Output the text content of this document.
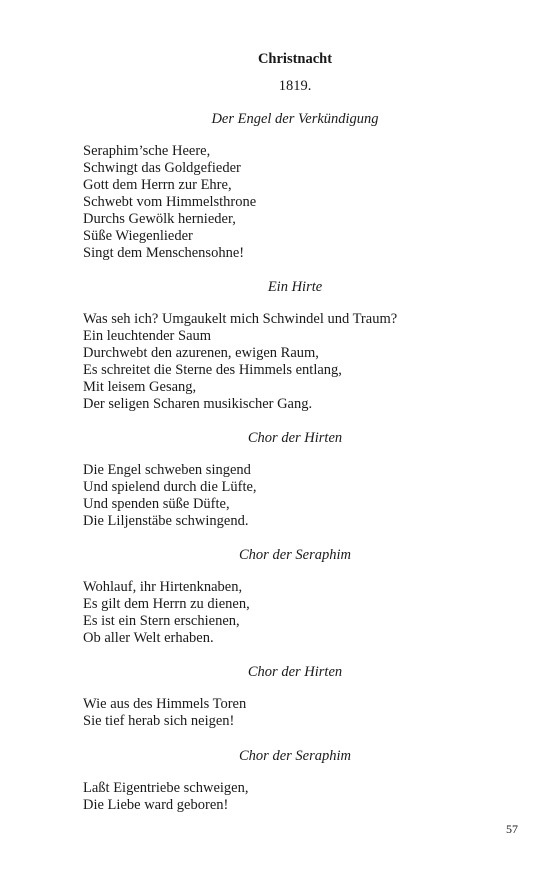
Christnacht
1819.
Der Engel der Verkündigung
Seraphim’sche Heere,
Schwingt das Goldgefieder
Gott dem Herrn zur Ehre,
Schwebt vom Himmelsthrone
Durchs Gewölk hernieder,
Süße Wiegenlieder
Singt dem Menschensohne!
Ein Hirte
Was seh ich? Umgaukelt mich Schwindel und Traum?
Ein leuchtender Saum
Durchwebt den azurenen, ewigen Raum,
Es schreitet die Sterne des Himmels entlang,
Mit leisem Gesang,
Der seligen Scharen musikischer Gang.
Chor der Hirten
Die Engel schweben singend
Und spielend durch die Lüfte,
Und spenden süße Düfte,
Die Liljenstäbe schwingend.
Chor der Seraphim
Wohlauf, ihr Hirtenknaben,
Es gilt dem Herrn zu dienen,
Es ist ein Stern erschienen,
Ob aller Welt erhaben.
Chor der Hirten
Wie aus des Himmels Toren
Sie tief herab sich neigen!
Chor der Seraphim
Laßt Eigentriebe schweigen,
Die Liebe ward geboren!
57
